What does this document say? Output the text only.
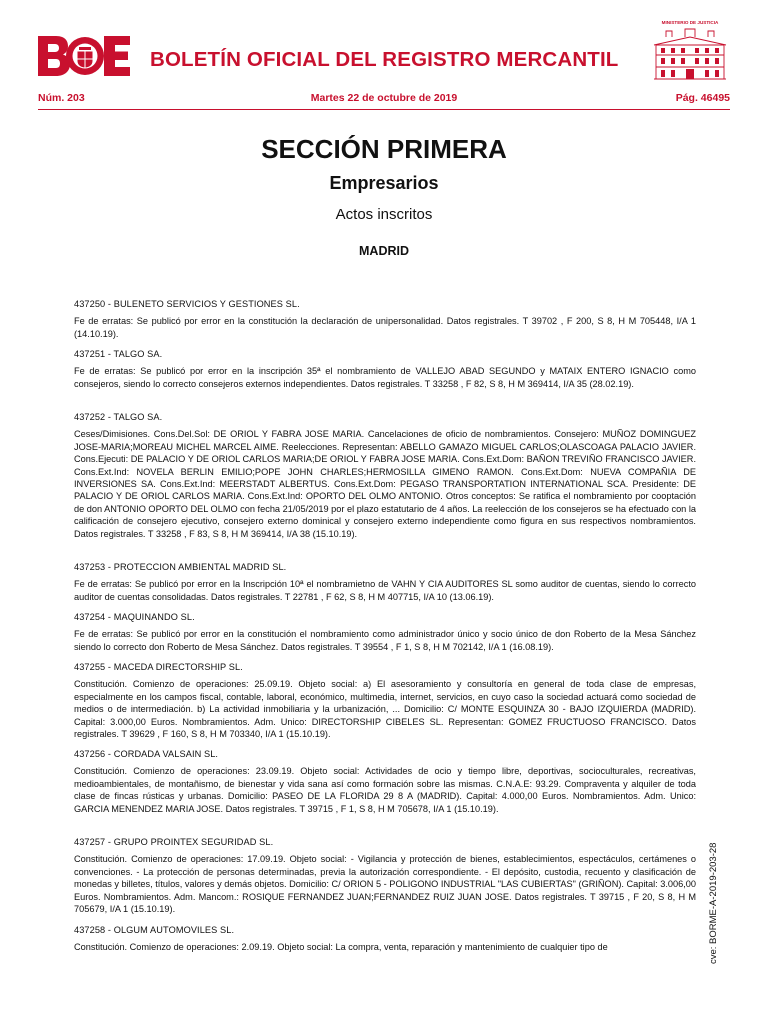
BOLETÍN OFICIAL DEL REGISTRO MERCANTIL
MINISTERIO DE JUSTICIA
Núm. 203	Martes 22 de octubre de 2019	Pág. 46495
SECCIÓN PRIMERA
Empresarios
Actos inscritos
MADRID

437250 - BULENETO SERVICIOS Y GESTIONES SL.

Fe de erratas: Se publicó por error en la constitución la declaración de unipersonalidad. Datos registrales. T 39702 , F 200, S 8, H M 705448, I/A 1 (14.10.19).

437251 - TALGO SA.

Fe de erratas: Se publicó por error en la inscripción 35ª el nombramiento de VALLEJO ABAD SEGUNDO y MATAIX ENTERO IGNACIO como consejeros, siendo lo correcto consejeros externos independientes. Datos registrales. T 33258 , F 82, S 8, H M 369414, I/A 35 (28.02.19).

437252 - TALGO SA.

Ceses/Dimisiones. Cons.Del.Sol: DE ORIOL Y FABRA JOSE MARIA. Cancelaciones de oficio de nombramientos. Consejero: MUÑOZ DOMINGUEZ JOSE-MARIA;MOREAU MICHEL MARCEL AIME. Reelecciones. Representan: ABELLO GAMAZO MIGUEL CARLOS;OLASCOAGA PALACIO JAVIER. Cons.Ejecuti: DE PALACIO Y DE ORIOL CARLOS MARIA;DE ORIOL Y FABRA JOSE MARIA. Cons.Ext.Dom: BAÑON TREVIÑO FRANCISCO JAVIER. Cons.Ext.Ind: NOVELA BERLIN EMILIO;POPE JOHN CHARLES;HERMOSILLA GIMENO RAMON. Cons.Ext.Dom: NUEVA COMPAÑIA DE INVERSIONES SA. Cons.Ext.Ind: MEERSTADT ALBERTUS. Cons.Ext.Dom: PEGASO TRANSPORTATION INTERNATIONAL SCA. Presidente: DE PALACIO Y DE ORIOL CARLOS MARIA. Cons.Ext.Ind: OPORTO DEL OLMO ANTONIO. Otros conceptos: Se ratifica el nombramiento por cooptación de don ANTONIO OPORTO DEL OLMO con fecha 21/05/2019 por el plazo estatutario de 4 años. La reelección de los consejeros se ha efectuado con la calificación de consejero ejecutivo, consejero externo dominical y consejero externo independiente como figura en sus respectivos nombramientos. Datos registrales. T 33258 , F 83, S 8, H M 369414, I/A 38 (15.10.19).

437253 - PROTECCION AMBIENTAL MADRID SL.

Fe de erratas: Se publicó por error en la Inscripción 10ª el nombramietno de VAHN Y CIA AUDITORES SL somo auditor de cuentas, siendo lo correcto auditor de cuentas consolidadas. Datos registrales. T 22781 , F 62, S 8, H M 407715, I/A 10 (13.06.19).

437254 - MAQUINANDO SL.

Fe de erratas: Se publicó por error en la constitución el nombramiento como administrador único y socio único de don Roberto de la Mesa Sánchez siendo lo correcto don Roberto de Mesa Sánchez. Datos registrales. T 39554 , F 1, S 8, H M 702142, I/A 1 (16.08.19).

437255 - MACEDA DIRECTORSHIP SL.

Constitución. Comienzo de operaciones: 25.09.19. Objeto social: a) El asesoramiento y consultoría en general de toda clase de empresas, especialmente en los campos fiscal, contable, laboral, económico, multimedia, internet, servicios, en cuyo caso la sociedad actuará como sociedad de medios o de intermediación. b) La actividad inmobiliaria y la urbanización, ... Domicilio: C/ MONTE ESQUINZA 30 - BAJO IZQUIERDA (MADRID). Capital: 3.000,00 Euros. Nombramientos. Adm. Unico: DIRECTORSHIP CIBELES SL. Representan: GOMEZ FRUCTUOSO FRANCISCO. Datos registrales. T 39629 , F 160, S 8, H M 703340, I/A 1 (15.10.19).

437256 - CORDADA VALSAIN SL.

Constitución. Comienzo de operaciones: 23.09.19. Objeto social: Actividades de ocio y tiempo libre, deportivas, socioculturales, recreativas, medioambientales, de montañismo, de bienestar y vida sana así como formación sobre las mismas. C.N.A.E: 93.29. Compraventa y alquiler de toda clase de fincas rústicas y urbanas. Domicilio: PASEO DE LA FLORIDA 29 8 A (MADRID). Capital: 4.000,00 Euros. Nombramientos. Adm. Unico: GARCIA MENENDEZ MARIA JOSE. Datos registrales. T 39715 , F 1, S 8, H M 705678, I/A 1 (15.10.19).

437257 - GRUPO PROINTEX SEGURIDAD SL.

Constitución. Comienzo de operaciones: 17.09.19. Objeto social: - Vigilancia y protección de bienes, establecimientos, espectáculos, certámenes o convenciones. - La protección de personas determinadas, previa la autorización correspondiente. - El depósito, custodia, recuento y clasificación de monedas y billetes, títulos, valores y demás objetos. Domicilio: C/ ORION 5 - POLIGONO INDUSTRIAL "LAS CUBIERTAS" (GRIÑON). Capital: 3.006,00 Euros. Nombramientos. Adm. Mancom.: ROSIQUE FERNANDEZ JUAN;FERNANDEZ RUIZ JUAN JOSE. Datos registrales. T 39715 , F 20, S 8, H M 705679, I/A 1 (15.10.19).

437258 - OLGUM AUTOMOVILES SL.

Constitución. Comienzo de operaciones: 2.09.19. Objeto social: La compra, venta, reparación y mantenimiento de cualquier tipo de	cve: BORME-A-2019-203-28
